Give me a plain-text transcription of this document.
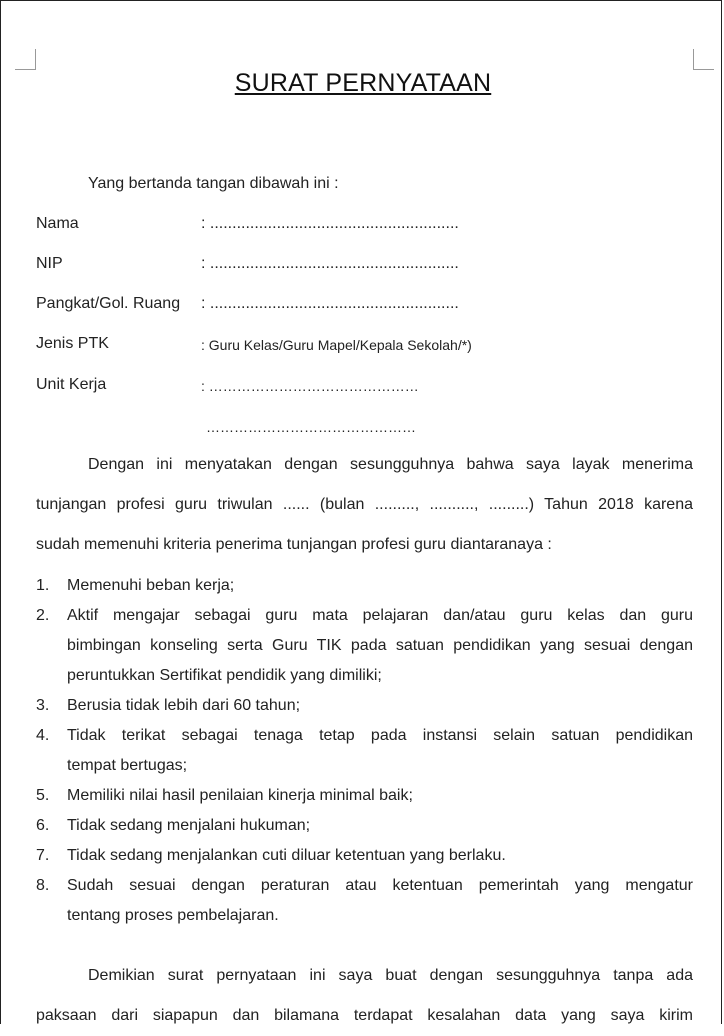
SURAT PERNYATAAN
Yang bertanda tangan dibawah ini :
Nama	: ........................................................
NIP	: ........................................................
Pangkat/Gol. Ruang : ........................................................
Jenis PTK	: Guru Kelas/Guru Mapel/Kepala Sekolah/*)
Unit Kerja	: ………………………………………
………………………………………
Dengan ini menyatakan dengan sesungguhnya bahwa saya layak menerima
tunjangan profesi guru triwulan ...... (bulan ........., .........., .........) Tahun 2018 karena
sudah memenuhi kriteria penerima tunjangan profesi guru diantaranaya :
1. Memenuhi beban kerja;
2. Aktif mengajar sebagai guru mata pelajaran dan/atau guru kelas dan guru
bimbingan konseling serta Guru TIK pada satuan pendidikan yang sesuai dengan
peruntukkan Sertifikat pendidik yang dimiliki;
3. Berusia tidak lebih dari 60 tahun;
4. Tidak terikat sebagai tenaga tetap pada instansi selain satuan pendidikan
tempat bertugas;
5. Memiliki nilai hasil penilaian kinerja minimal baik;
6. Tidak sedang menjalani hukuman;
7. Tidak sedang menjalankan cuti diluar ketentuan yang berlaku.
8. Sudah sesuai dengan peraturan atau ketentuan pemerintah yang mengatur
tentang proses pembelajaran.
Demikian surat pernyataan ini saya buat dengan sesungguhnya tanpa ada
paksaan dari siapapun dan bilamana terdapat kesalahan data yang saya kirim
